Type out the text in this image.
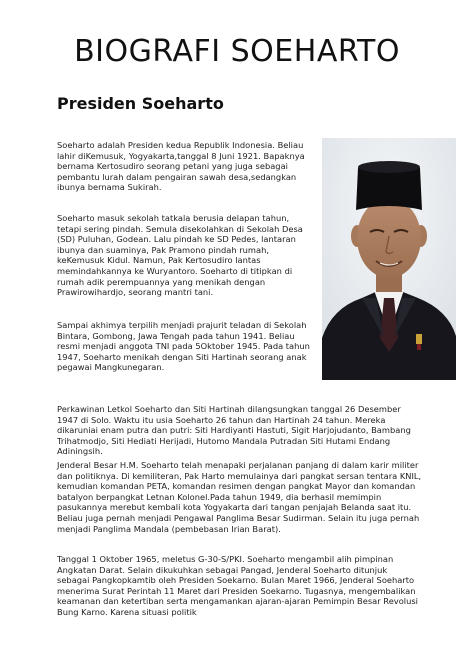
BIOGRAFI SOEHARTO
Presiden Soeharto

Soeharto adalah Presiden kedua Republik Indonesia. Beliau lahir diKemusuk, Yogyakarta,tanggal 8 Juni 1921. Bapaknya bernama Kertosudiro seorang petani yang juga sebagai pembantu lurah dalam pengairan sawah desa,sedangkan ibunya bernama Sukirah.

Soeharto masuk sekolah tatkala berusia delapan tahun, tetapi sering pindah. Semula disekolahkan di Sekolah Desa (SD) Puluhan, Godean. Lalu pindah ke SD Pedes, lantaran ibunya dan suaminya, Pak Pramono pindah rumah, keKemusuk Kidul. Namun, Pak Kertosudiro lantas memindahkannya ke Wuryantoro. Soeharto di titipkan di rumah adik perempuannya yang menikah dengan Prawirowihardjo, seorang mantri tani.

Sampai akhimya terpilih menjadi prajurit teladan di Sekolah Bintara, Gombong, Jawa Tengah pada tahun 1941. Beliau resmi menjadi anggota TNI pada 5Oktober 1945. Pada tahun 1947, Soeharto menikah dengan Siti Hartinah seorang anak pegawai Mangkunegaran.

Perkawinan Letkol Soeharto dan Siti Hartinah dilangsungkan tanggal 26 Desember 1947 di Solo. Waktu itu usia Soeharto 26 tahun dan Hartinah 24 tahun. Mereka dikaruniai enam putra dan putri: Siti Hardiyanti Hastuti, Sigit Harjojudanto, Bambang Trihatmodjo, Siti Hediati Herijadi, Hutomo Mandala Putradan Siti Hutami Endang Adiningsih.

Jenderal Besar H.M. Soeharto telah menapaki perjalanan panjang di dalam karir militer dan politiknya. Di kemiliteran, Pak Harto memulainya dari pangkat sersan tentara KNIL, kemudian komandan PETA, komandan resimen dengan pangkat Mayor dan komandan batalyon berpangkat Letnan Kolonel.Pada tahun 1949, dia berhasil memimpin pasukannya merebut kembali kota Yogyakarta dari tangan penjajah Belanda saat itu. Beliau juga pernah menjadi Pengawal Panglima Besar Sudirman. Selain itu juga pernah menjadi Panglima Mandala (pembebasan Irian Barat).

Tanggal 1 Oktober 1965, meletus G-30-S/PKI. Soeharto mengambil alih pimpinan Angkatan Darat. Selain dikukuhkan sebagai Pangad, Jenderal Soeharto ditunjuk sebagai Pangkopkamtib oleh Presiden Soekarno. Bulan Maret 1966, Jenderal Soeharto menerima Surat Perintah 11 Maret dari Presiden Soekarno. Tugasnya, mengembalikan keamanan dan ketertiban serta mengamankan ajaran-ajaran Pemimpin Besar Revolusi Bung Karno. Karena situasi politik
